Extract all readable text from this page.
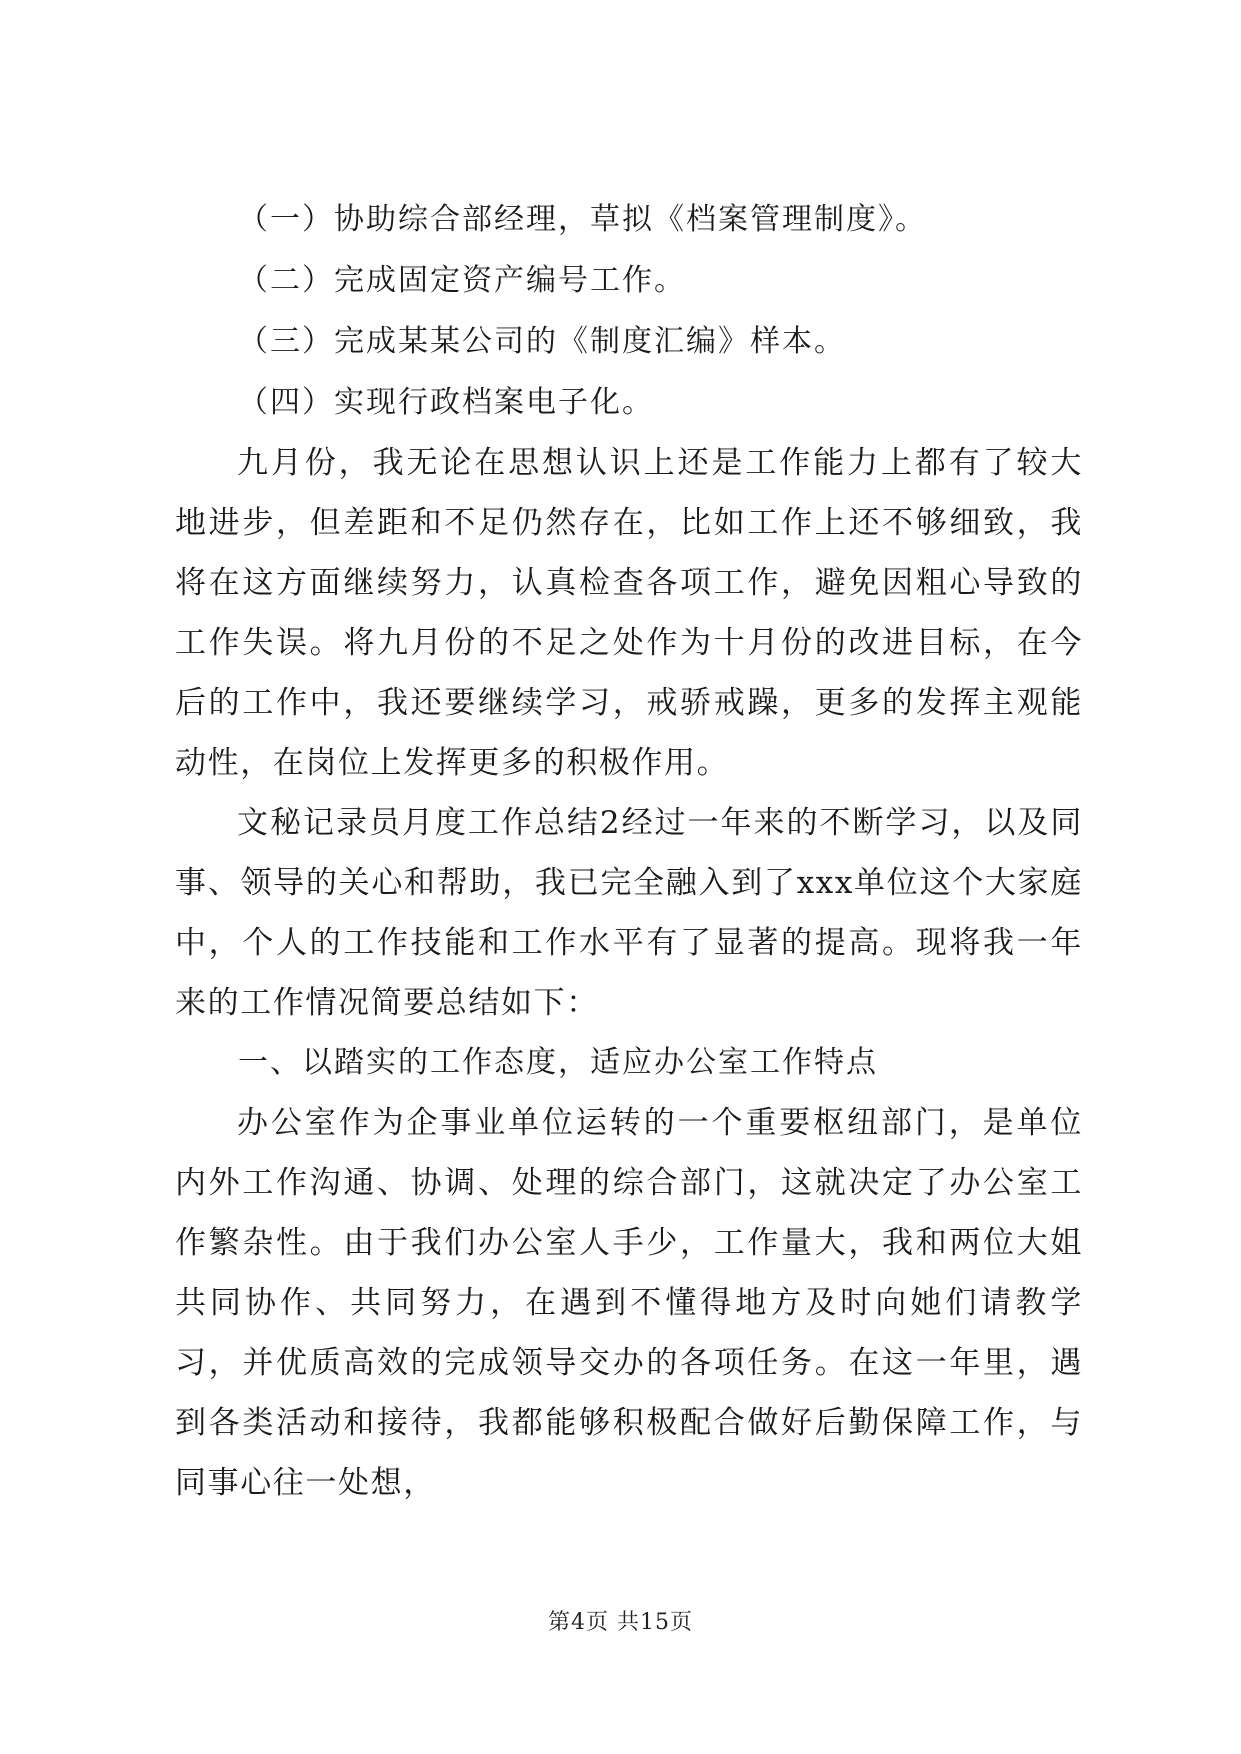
（一）协助综合部经理，草拟《档案管理制度》。

（二）完成固定资产编号工作。

（三）完成某某公司的《制度汇编》样本。

（四）实现行政档案电子化。

九月份，我无论在思想认识上还是工作能力上都有了较大地进步，但差距和不足仍然存在，比如工作上还不够细致，我将在这方面继续努力，认真检查各项工作，避免因粗心导致的工作失误。将九月份的不足之处作为十月份的改进目标，在今后的工作中，我还要继续学习，戒骄戒躁，更多的发挥主观能动性，在岗位上发挥更多的积极作用。

文秘记录员月度工作总结2经过一年来的不断学习，以及同事、领导的关心和帮助，我已完全融入到了xxx单位这个大家庭中，个人的工作技能和工作水平有了显著的提高。现将我一年来的工作情况简要总结如下：

一、以踏实的工作态度，适应办公室工作特点

办公室作为企事业单位运转的一个重要枢纽部门，是单位内外工作沟通、协调、处理的综合部门，这就决定了办公室工作繁杂性。由于我们办公室人手少，工作量大，我和两位大姐共同协作、共同努力，在遇到不懂得地方及时向她们请教学习，并优质高效的完成领导交办的各项任务。在这一年里，遇到各类活动和接待，我都能够积极配合做好后勤保障工作，与同事心往一处想，

第4页 共15页
